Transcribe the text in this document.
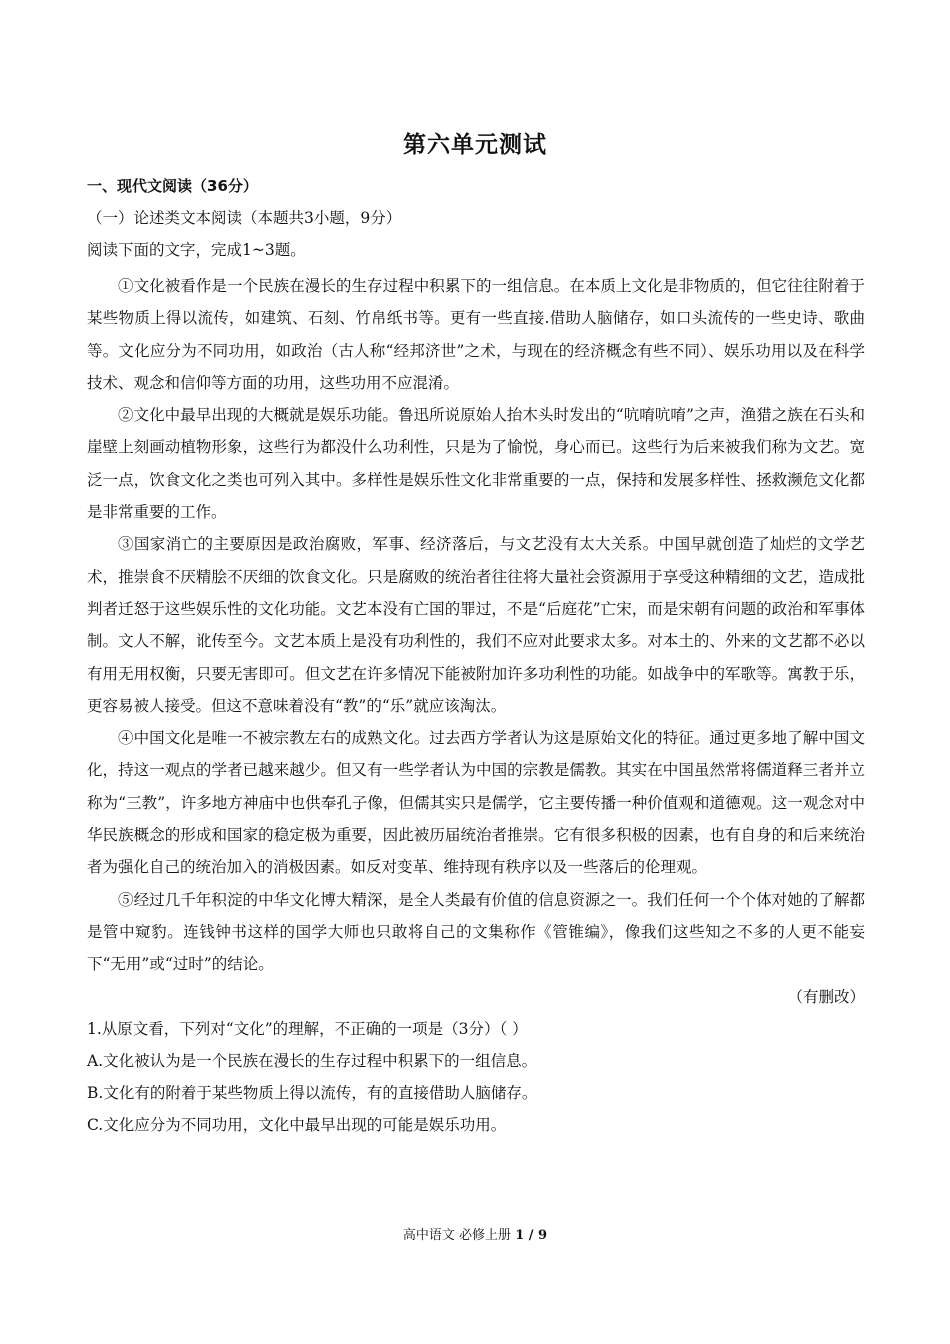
第六单元测试
一、现代文阅读（36分）
（一）论述类文本阅读（本题共3小题，9分）
阅读下面的文字，完成1~3题。

①文化被看作是一个民族在漫长的生存过程中积累下的一组信息。在本质上文化是非物质的，但它往往附着于某些物质上得以流传，如建筑、石刻、竹帛纸书等。更有一些直接.借助人脑储存，如口头流传的一些史诗、歌曲等。文化应分为不同功用，如政治（古人称“经邦济世”之术，与现在的经济概念有些不同）、娱乐功用以及在科学技术、观念和信仰等方面的功用，这些功用不应混淆。

②文化中最早出现的大概就是娱乐功能。鲁迅所说原始人抬木头时发出的“吭唷吭唷”之声，渔猎之族在石头和崖壁上刻画动植物形象，这些行为都没什么功利性，只是为了愉悦，身心而已。这些行为后来被我们称为文艺。宽泛一点，饮食文化之类也可列入其中。多样性是娱乐性文化非常重要的一点，保持和发展多样性、拯救濒危文化都是非常重要的工作。

③国家消亡的主要原因是政治腐败，军事、经济落后，与文艺没有太大关系。中国早就创造了灿烂的文学艺术，推崇食不厌精脍不厌细的饮食文化。只是腐败的统治者往往将大量社会资源用于享受这种精细的文艺，造成批判者迁怒于这些娱乐性的文化功能。文艺本没有亡国的罪过，不是“后庭花”亡宋，而是宋朝有问题的政治和军事体制。文人不解，讹传至今。文艺本质上是没有功利性的，我们不应对此要求太多。对本土的、外来的文艺都不必以有用无用权衡，只要无害即可。但文艺在许多情况下能被附加许多功利性的功能。如战争中的军歌等。寓教于乐，更容易被人接受。但这不意味着没有“教”的“乐”就应该淘汰。

④中国文化是唯一不被宗教左右的成熟文化。过去西方学者认为这是原始文化的特征。通过更多地了解中国文化，持这一观点的学者已越来越少。但又有一些学者认为中国的宗教是儒教。其实在中国虽然常将儒道释三者并立称为“三教”，许多地方神庙中也供奉孔子像，但儒其实只是儒学，它主要传播一种价值观和道德观。这一观念对中华民族概念的形成和国家的稳定极为重要，因此被历届统治者推崇。它有很多积极的因素，也有自身的和后来统治者为强化自己的统治加入的消极因素。如反对变革、维持现有秩序以及一些落后的伦理观。

⑤经过几千年积淀的中华文化博大精深，是全人类最有价值的信息资源之一。我们任何一个个体对她的了解都是管中窥豹。连钱钟书这样的国学大师也只敢将自己的文集称作《管锥编》，像我们这些知之不多的人更不能妄下“无用”或“过时”的结论。

（有删改）

1.从原文看，下列对“文化”的理解，不正确的一项是（3分）（ ）

A.文化被认为是一个民族在漫长的生存过程中积累下的一组信息。

B.文化有的附着于某些物质上得以流传，有的直接借助人脑储存。

C.文化应分为不同功用，文化中最早出现的可能是娱乐功用。

高中语文 必修上册 1 / 9
